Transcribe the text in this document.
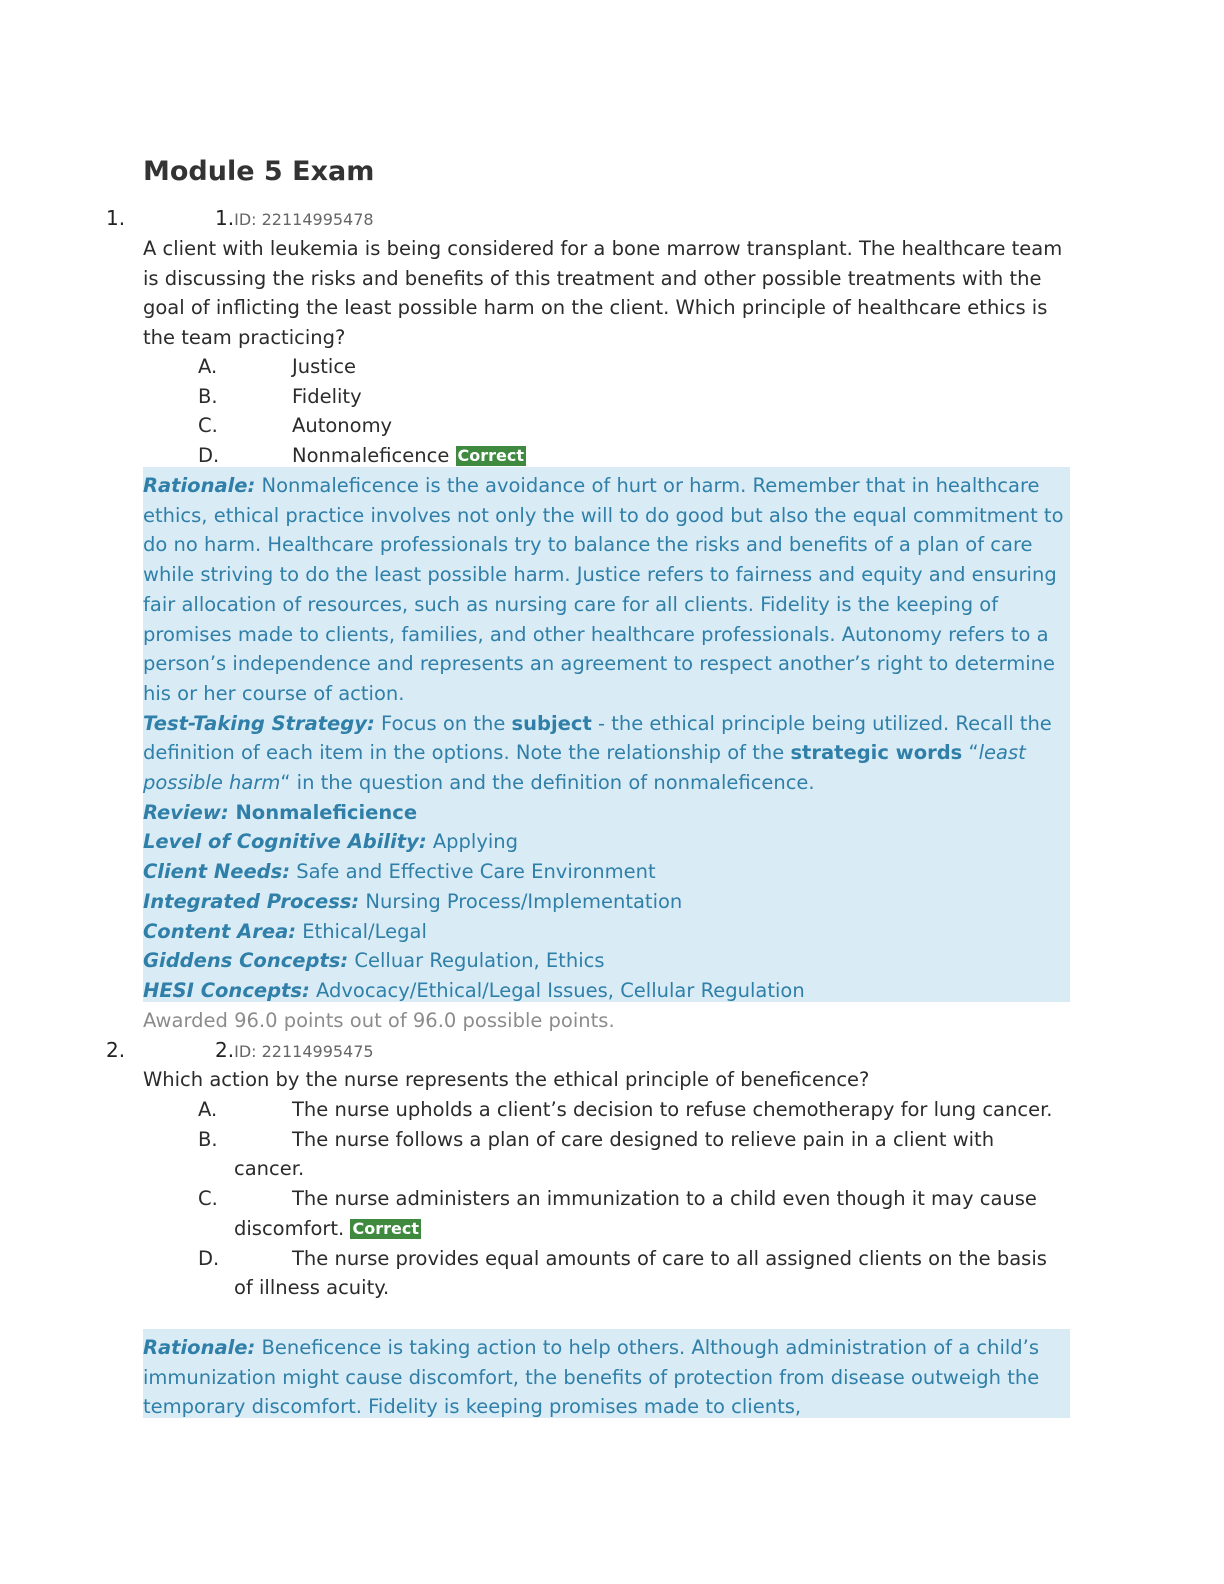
Module 5 Exam
1.	1.ID: 22114995478

A client with leukemia is being considered for a bone marrow transplant. The healthcare team is discussing the risks and benefits of this treatment and other possible treatments with the goal of inflicting the least possible harm on the client. Which principle of healthcare ethics is the team practicing?

A.	Justice
B.	Fidelity
C.	Autonomy
D.	Nonmaleficence Correct

Rationale: Nonmaleficence is the avoidance of hurt or harm. Remember that in healthcare ethics, ethical practice involves not only the will to do good but also the equal commitment to do no harm. Healthcare professionals try to balance the risks and benefits of a plan of care while striving to do the least possible harm. Justice refers to fairness and equity and ensuring fair allocation of resources, such as nursing care for all clients. Fidelity is the keeping of promises made to clients, families, and other healthcare professionals. Autonomy refers to a person’s independence and represents an agreement to respect another’s right to determine his or her course of action.

Test-Taking Strategy: Focus on the subject - the ethical principle being utilized. Recall the definition of each item in the options. Note the relationship of the strategic words “least possible harm“ in the question and the definition of nonmaleficence.

Review: Nonmaleficience

Level of Cognitive Ability: Applying

Client Needs: Safe and Effective Care Environment

Integrated Process: Nursing Process/Implementation

Content Area: Ethical/Legal

Giddens Concepts: Celluar Regulation, Ethics

HESI Concepts: Advocacy/Ethical/Legal Issues, Cellular Regulation

Awarded 96.0 points out of 96.0 possible points.
2.	2.ID: 22114995475

Which action by the nurse represents the ethical principle of beneficence?

A.	The nurse upholds a client’s decision to refuse chemotherapy for lung cancer.
B.	The nurse follows a plan of care designed to relieve pain in a client with cancer.
C.	The nurse administers an immunization to a child even though it may cause discomfort. Correct
D.	The nurse provides equal amounts of care to all assigned clients on the basis of illness acuity.

Rationale: Beneficence is taking action to help others. Although administration of a child’s immunization might cause discomfort, the benefits of protection from disease outweigh the temporary discomfort. Fidelity is keeping promises made to clients,
